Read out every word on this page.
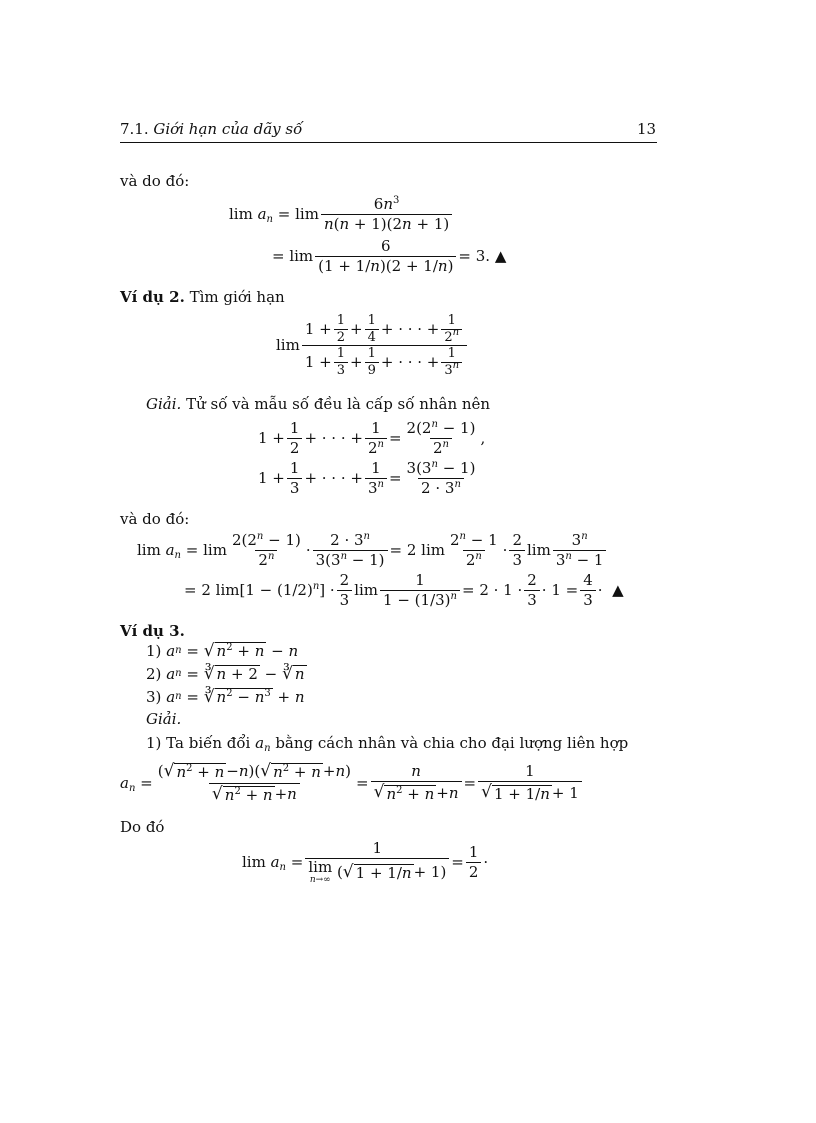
7.1. Giới hạn của dãy số	13
và do đó:
$\lim a_n = \lim \frac{6n^3}{n(n + 1)(2n + 1)}$
= $\lim \frac{6}{(1 + 1/n)(2 + 1/n)} = 3$. ▲
Ví dụ 2. Tìm giới hạn
$\lim \frac{1 + \frac{1}{2} + \frac{1}{4} + \cdot \cdot \cdot + \frac{1}{2^n}}{1 + \frac{1}{3} + \frac{1}{9} + \cdot \cdot \cdot + \frac{1}{3^n}}$
Giải. Tử số và mẫu số đều là cấp số nhân nên
$1 + \frac{1}{2}$ + · · · + $\frac{1}{2^n} = \frac{2(2^n - 1)}{2^n}$ ,
$1 + \frac{1}{3}$ + · · · + $\frac{1}{3^n} = \frac{3(3^n - 1)}{2 \cdot 3^n}$
và do đó:
$\lim a_n = \lim \frac{2(2^n - 1)}{2^n} \cdot \frac{2 \cdot 3^n}{3(3^n - 1)} = 2$ $\lim \frac{2^n - 1}{2^n} \cdot \frac{2}{3}$ $\lim \frac{3^n}{3^n - 1}$
= 2 $\lim[1 - (1/2)^n] \cdot \frac{2}{3}$ $\lim \frac{1}{1 - (1/3)^n} = 2 \cdot 1 \cdot \frac{2}{3} \cdot 1 = \frac{4}{3}$ · ▲
Ví dụ 3.
1)
a n = √ $n^2 + n - n$
2)
a n = ∛ n + 2 − ∛ n
3)
a n = ∛ $n^2 - n^3 + n$
Giải.
1) Ta biến đổi $a_n$ bằng cách nhân và chia cho đại lượng liên hợp
$a_n = \frac{( √ n^2 + n - n )( √ n^2 + n + n )}{√ n^2 + n + n} = \frac{n}{√ n^2 + n + n} = \frac{1}{√ 1 + 1/n + 1}$
Do đó
$\lim a_n = 1$
lim
n→∞ ( √ $1 + 1/n + 1) = \frac{1}{2}$ ·
